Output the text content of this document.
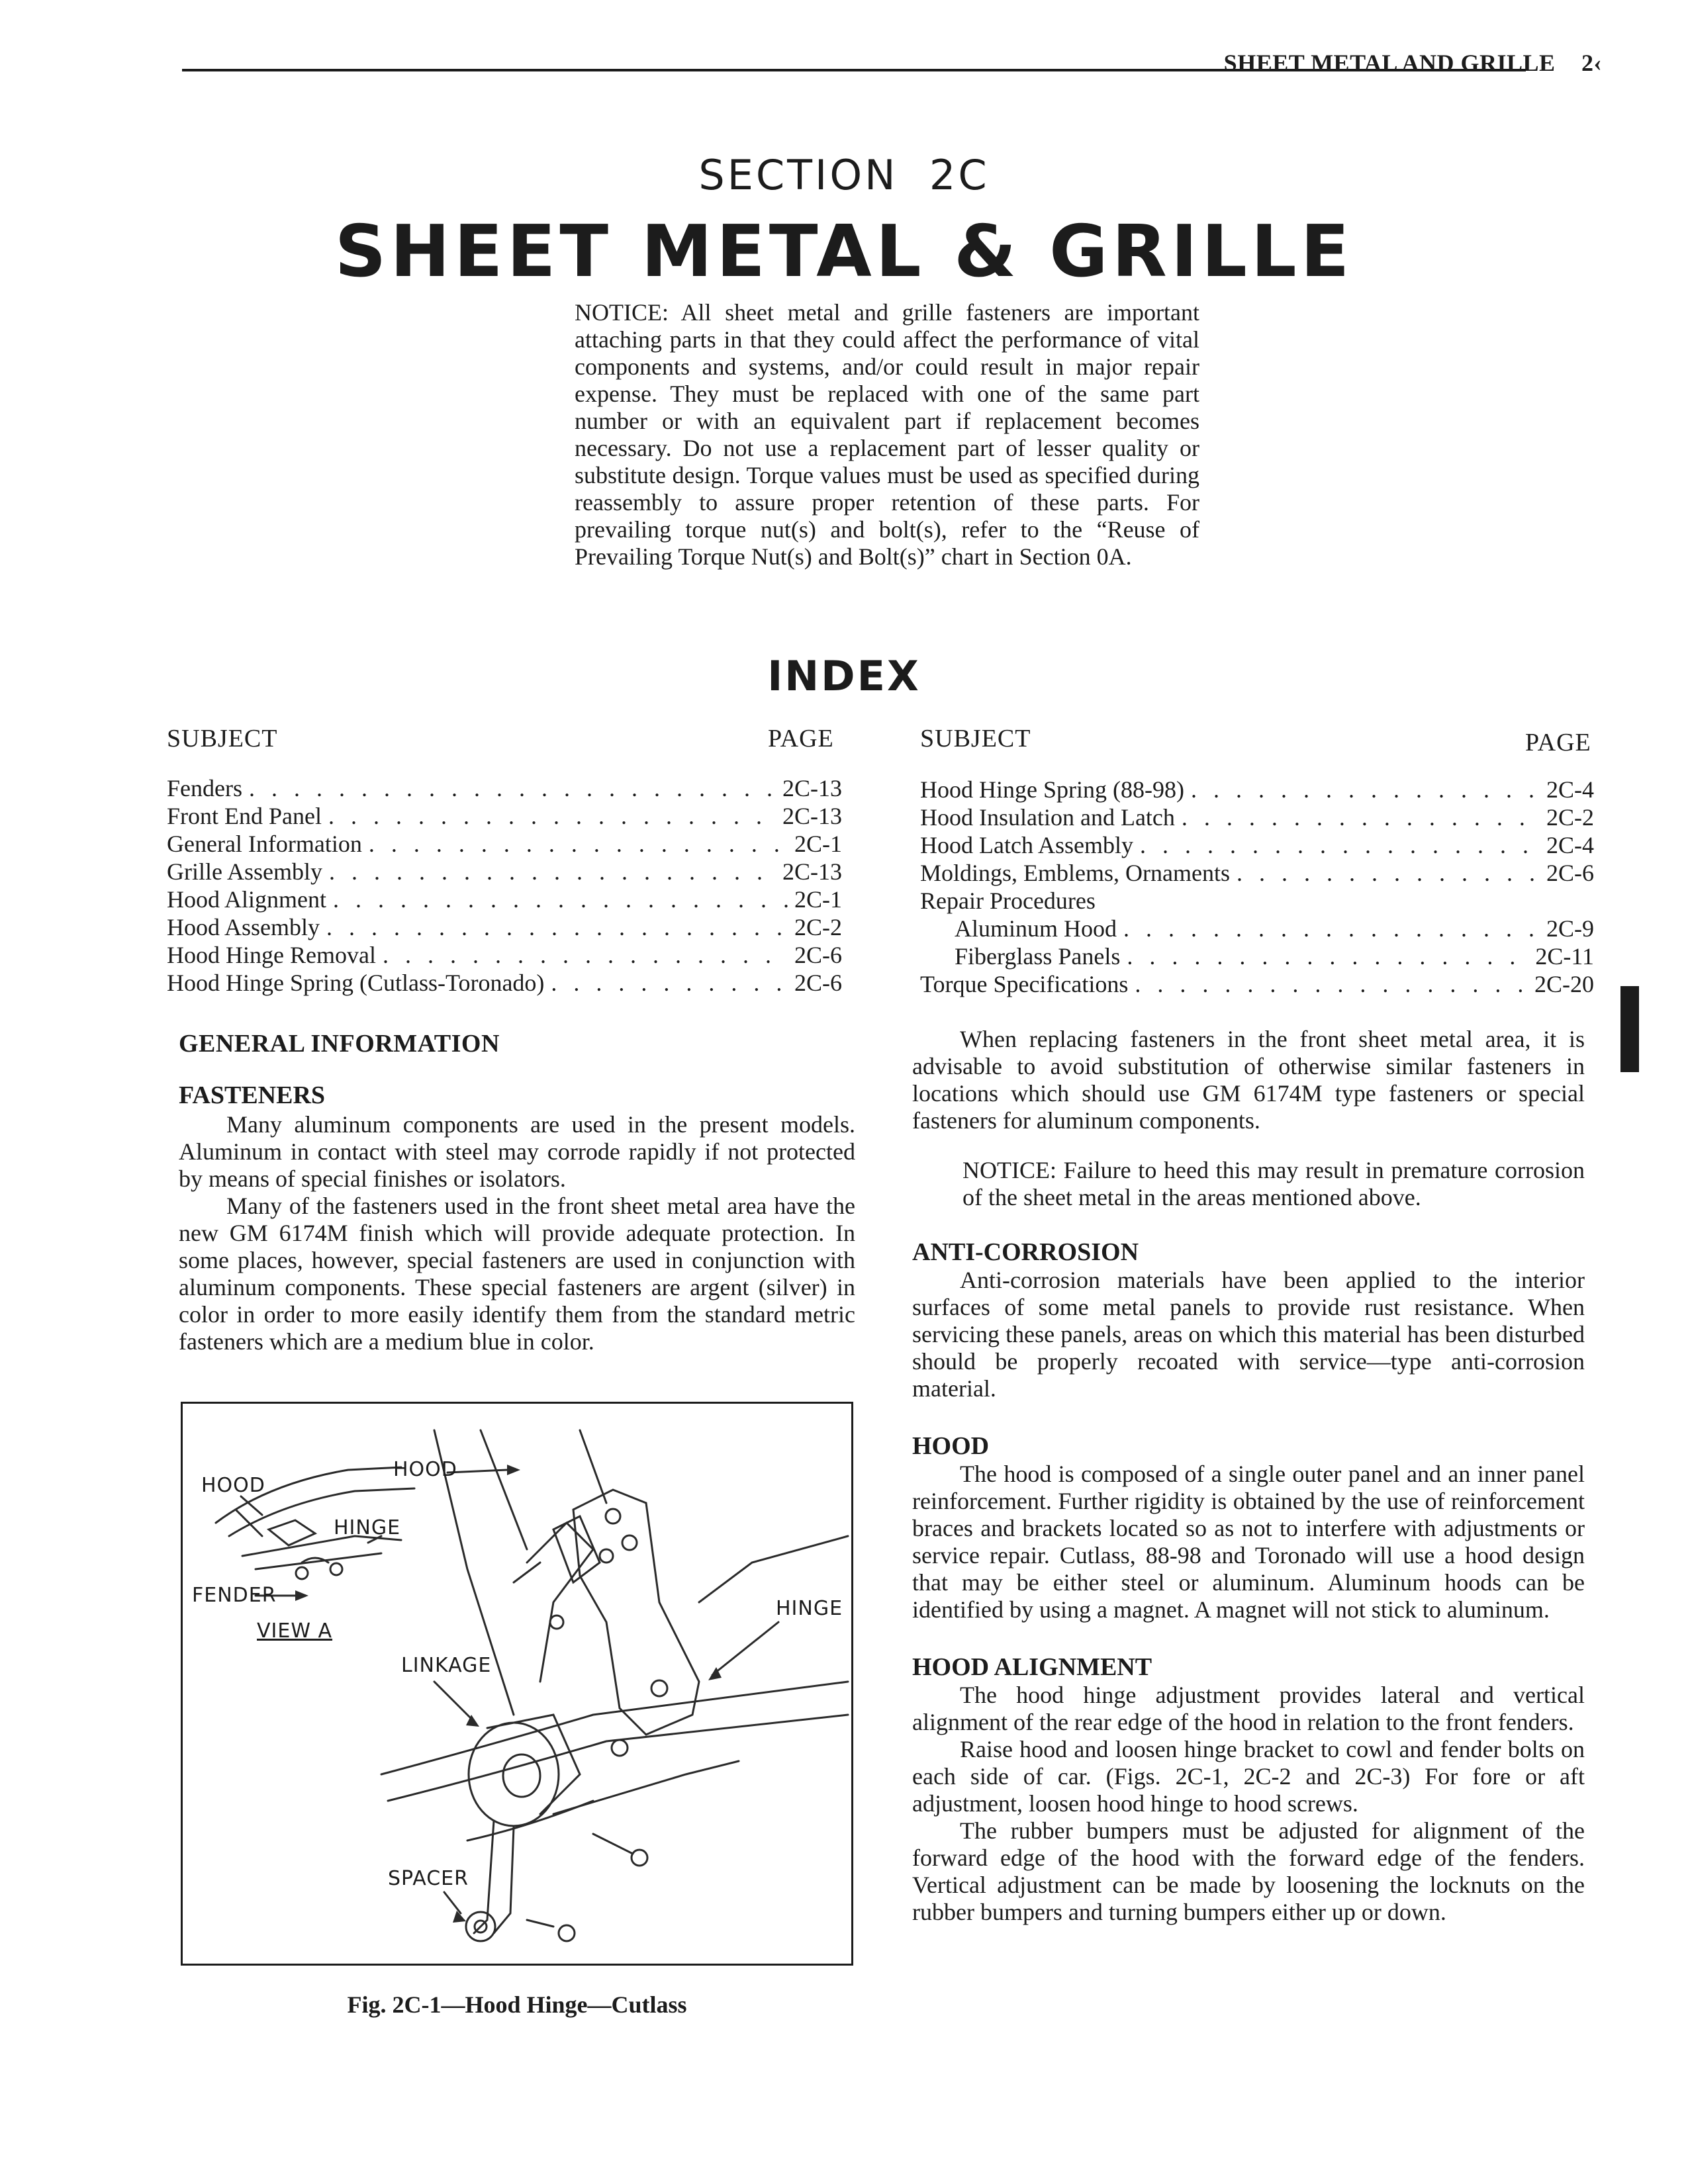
SHEET METAL AND GRILLE 2‹
SECTION  2C
SHEET METAL & GRILLE
NOTICE: All sheet metal and grille fasteners are important attaching parts in that they could affect the performance of vital components and systems, and/or could result in major repair expense. They must be replaced with one of the same part number or with an equivalent part if replacement becomes necessary. Do not use a replacement part of lesser quality or substitute design. Torque values must be used as specified during reassembly to assure proper retention of these parts. For prevailing torque nut(s) and bolt(s), refer to the “Reuse of Prevailing Torque Nut(s) and Bolt(s)” chart in Section 0A.
INDEX
SUBJECT	PAGE	SUBJECT	PAGE
Fenders . . .	2C-13
Front End Panel . . .	2C-13
General Information . . .	2C-1
Grille Assembly . . .	2C-13
Hood Alignment . . .	2C-1
Hood Assembly . . .	2C-2
Hood Hinge Removal . . .	2C-6
Hood Hinge Spring (Cutlass-Toronado) . . .	2C-6
Hood Hinge Spring (88-98) . . .	2C-4
Hood Insulation and Latch . . .	2C-2
Hood Latch Assembly . . .	2C-4
Moldings, Emblems, Ornaments . . .	2C-6
Repair Procedures
Aluminum Hood . . .	2C-9
Fiberglass Panels . . .	2C-11
Torque Specifications . . .	2C-20
GENERAL INFORMATION
FASTENERS

Many aluminum components are used in the present models. Aluminum in contact with steel may corrode rapidly if not protected by means of special finishes or isolators.

Many of the fasteners used in the front sheet metal area have the new GM 6174M finish which will provide adequate protection. In some places, however, special fasteners are used in conjunction with aluminum components. These special fasteners are argent (silver) in color in order to more easily identify them from the standard metric fasteners which are a medium blue in color.

HOOD
HINGE
FENDER
VIEW A
HOOD
HINGE
LINKAGE
SPACER
Fig. 2C-1—Hood Hinge—Cutlass

When replacing fasteners in the front sheet metal area, it is advisable to avoid substitution of otherwise similar fasteners in locations which should use GM 6174M type fasteners or special fasteners for aluminum components.

NOTICE: Failure to heed this may result in premature corrosion of the sheet metal in the areas mentioned above.
ANTI-CORROSION

Anti-corrosion materials have been applied to the interior surfaces of some metal panels to provide rust resistance. When servicing these panels, areas on which this material has been disturbed should be properly recoated with service—type anti-corrosion material.

HOOD

The hood is composed of a single outer panel and an inner panel reinforcement. Further rigidity is obtained by the use of reinforcement braces and brackets located so as not to interfere with adjustments or service repair. Cutlass, 88-98 and Toronado will use a hood design that may be either steel or aluminum. Aluminum hoods can be identified by using a magnet. A magnet will not stick to aluminum.

HOOD ALIGNMENT

The hood hinge adjustment provides lateral and vertical alignment of the rear edge of the hood in relation to the front fenders.

Raise hood and loosen hinge bracket to cowl and fender bolts on each side of car. (Figs. 2C-1, 2C-2 and 2C-3) For fore or aft adjustment, loosen hood hinge to hood screws.

The rubber bumpers must be adjusted for alignment of the forward edge of the hood with the forward edge of the fenders. Vertical adjustment can be made by loosening the locknuts on the rubber bumpers and turning bumpers either up or down.
